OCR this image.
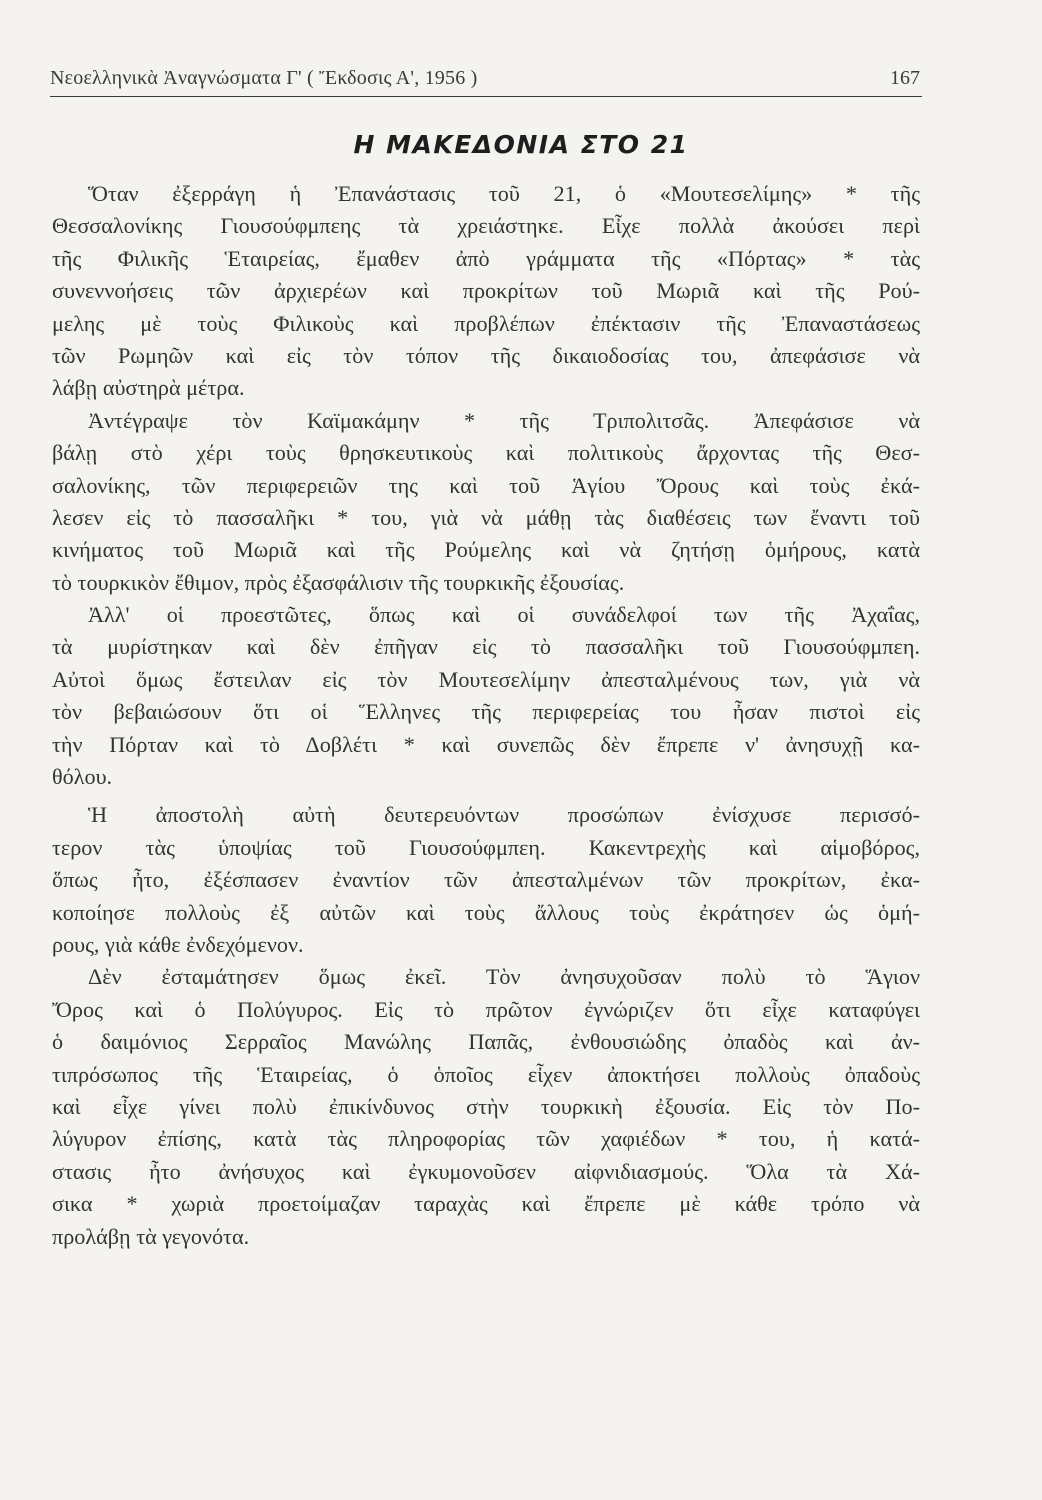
Νεοελληνικὰ Ἀναγνώσματα Γ' ( Ἔκδοσις Α', 1956 )	167
Η ΜΑΚΕΔΟΝΙΑ ΣΤΟ 21
Ὅταν ἐξερράγη ἡ Ἐπανάστασις τοῦ 21, ὁ «Μουτεσελίμης» * τῆς
Θεσσαλονίκης Γιουσούφμπεης τὰ χρειάστηκε. Εἶχε πολλὰ ἀκούσει περὶ
τῆς Φιλικῆς Ἑταιρείας, ἔμαθεν ἀπὸ γράμματα τῆς «Πόρτας» * τὰς
συνεννοήσεις τῶν ἀρχιερέων καὶ προκρίτων τοῦ Μωριᾶ καὶ τῆς Ρού-
μελης μὲ τοὺς Φιλικοὺς καὶ προβλέπων ἐπέκτασιν τῆς Ἐπαναστάσεως
τῶν Ρωμηῶν καὶ εἰς τὸν τόπον τῆς δικαιοδοσίας του, ἀπεφάσισε νὰ
λάβῃ αὐστηρὰ μέτρα.
Ἀντέγραψε τὸν Καϊμακάμην * τῆς Τριπολιτσᾶς. Ἀπεφάσισε νὰ
βάλῃ στὸ χέρι τοὺς θρησκευτικοὺς καὶ πολιτικοὺς ἄρχοντας τῆς Θεσ-
σαλονίκης, τῶν περιφερειῶν της καὶ τοῦ Ἁγίου Ὄρους καὶ τοὺς ἐκά-
λεσεν εἰς τὸ πασσαλῆκι * του, γιὰ νὰ μάθῃ τὰς διαθέσεις των ἔναντι τοῦ
κινήματος τοῦ Μωριᾶ καὶ τῆς Ρούμελης καὶ νὰ ζητήσῃ ὁμήρους, κατὰ
τὸ τουρκικὸν ἔθιμον, πρὸς ἐξασφάλισιν τῆς τουρκικῆς ἐξουσίας.
Ἀλλ' οἱ προεστῶτες, ὅπως καὶ οἱ συνάδελφοί των τῆς Ἀχαΐας,
τὰ μυρίστηκαν καὶ δὲν ἐπῆγαν εἰς τὸ πασσαλῆκι τοῦ Γιουσούφμπεη.
Αὐτοὶ ὅμως ἔστειλαν εἰς τὸν Μουτεσελίμην ἀπεσταλμένους των, γιὰ νὰ
τὸν βεβαιώσουν ὅτι οἱ Ἕλληνες τῆς περιφερείας του ἦσαν πιστοὶ εἰς
τὴν Πόρταν καὶ τὸ Δοβλέτι * καὶ συνεπῶς δὲν ἔπρεπε ν' ἀνησυχῇ κα-
θόλου.
Ἡ ἀποστολὴ αὐτὴ δευτερευόντων προσώπων ἐνίσχυσε περισσό-
τερον τὰς ὑποψίας τοῦ Γιουσούφμπεη. Κακεντρεχὴς καὶ αἱμοβόρος,
ὅπως ἦτο, ἐξέσπασεν ἐναντίον τῶν ἀπεσταλμένων τῶν προκρίτων, ἐκα-
κοποίησε πολλοὺς ἐξ αὐτῶν καὶ τοὺς ἄλλους τοὺς ἐκράτησεν ὡς ὁμή-
ρους, γιὰ κάθε ἐνδεχόμενον.
Δὲν ἐσταμάτησεν ὅμως ἐκεῖ. Τὸν ἀνησυχοῦσαν πολὺ τὸ Ἅγιον
Ὄρος καὶ ὁ Πολύγυρος. Εἰς τὸ πρῶτον ἐγνώριζεν ὅτι εἶχε καταφύγει
ὁ δαιμόνιος Σερραῖος Μανώλης Παπᾶς, ἐνθουσιώδης ὀπαδὸς καὶ ἀν-
τιπρόσωπος τῆς Ἑταιρείας, ὁ ὁποῖος εἶχεν ἀποκτήσει πολλοὺς ὀπαδοὺς
καὶ εἶχε γίνει πολὺ ἐπικίνδυνος στὴν τουρκικὴ ἐξουσία. Εἰς τὸν Πο-
λύγυρον ἐπίσης, κατὰ τὰς πληροφορίας τῶν χαφιέδων * του, ἡ κατά-
στασις ἦτο ἀνήσυχος καὶ ἐγκυμονοῦσεν αἰφνιδιασμούς. Ὅλα τὰ Χά-
σικα * χωριὰ προετοίμαζαν ταραχὰς καὶ ἔπρεπε μὲ κάθε τρόπο νὰ
προλάβῃ τὰ γεγονότα.
